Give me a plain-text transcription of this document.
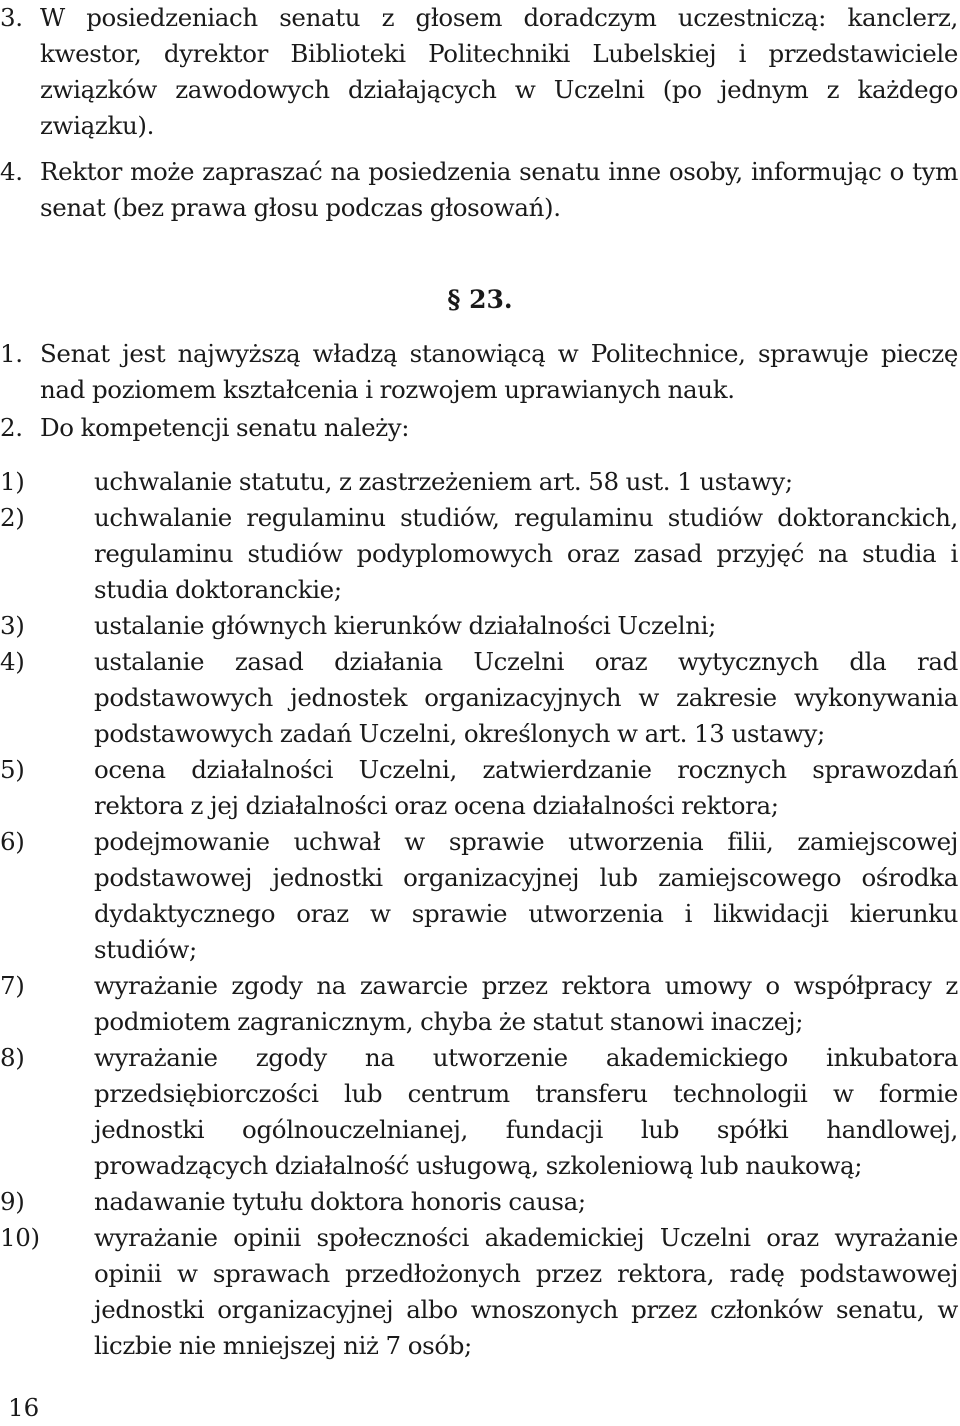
3. W posiedzeniach senatu z głosem doradczym uczestniczą: kanclerz, kwestor, dyrektor Biblioteki Politechniki Lubelskiej i przedstawiciele związków zawodowych działających w Uczelni (po jednym z każdego związku).
4. Rektor może zapraszać na posiedzenia senatu inne osoby, informując o tym senat (bez prawa głosu podczas głosowań).
§ 23.
1. Senat jest najwyższą władzą stanowiącą w Politechnice, sprawuje pieczę nad poziomem kształcenia i rozwojem uprawianych nauk.
2. Do kompetencji senatu należy:
1)	uchwalanie statutu, z zastrzeżeniem art. 58 ust. 1 ustawy;
2)	uchwalanie regulaminu studiów, regulaminu studiów doktoranckich, regulaminu studiów podyplomowych oraz zasad przyjęć na studia i studia doktoranckie;
3)	ustalanie głównych kierunków działalności Uczelni;
4)	ustalanie zasad działania Uczelni oraz wytycznych dla rad podstawowych jednostek organizacyjnych w zakresie wykonywania podstawowych zadań Uczelni, określonych w art. 13 ustawy;
5)	ocena działalności Uczelni, zatwierdzanie rocznych sprawozdań rektora z jej działalności oraz ocena działalności rektora;
6)	podejmowanie uchwał w sprawie utworzenia filii, zamiejscowej podstawowej jednostki organizacyjnej lub zamiejscowego ośrodka dydaktycznego oraz w sprawie utworzenia i likwidacji kierunku studiów;
7)	wyrażanie zgody na zawarcie przez rektora umowy o współpracy z podmiotem zagranicznym, chyba że statut stanowi inaczej;
8)	wyrażanie zgody na utworzenie akademickiego inkubatora przedsiębiorczości lub centrum transferu technologii w formie jednostki ogólnouczelnianej, fundacji lub spółki handlowej, prowadzących działalność usługową, szkoleniową lub naukową;
9)	nadawanie tytułu doktora honoris causa;
10)	wyrażanie opinii społeczności akademickiej Uczelni oraz wyrażanie opinii w sprawach przedłożonych przez rektora, radę podstawowej jednostki organizacyjnej albo wnoszonych przez członków senatu, w liczbie nie mniejszej niż 7 osób;
16
